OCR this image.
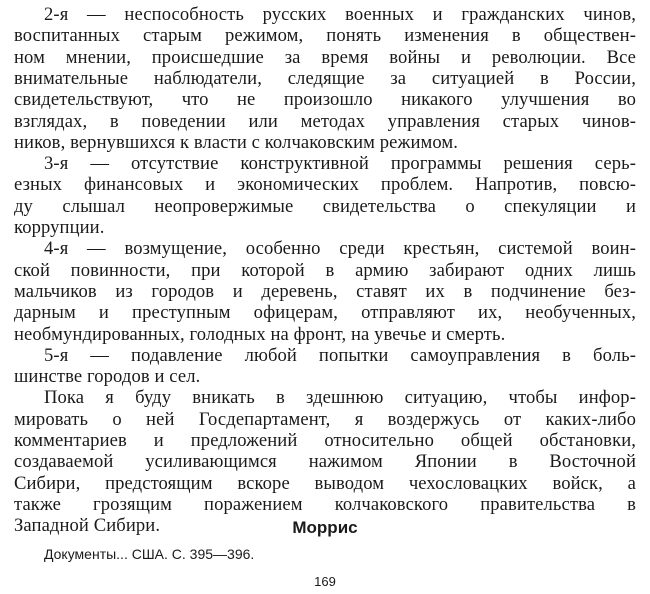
2-я — неспособность русских военных и гражданских чинов,
воспитанных старым режимом, понять изменения в обществен-
ном мнении, происшедшие за время войны и революции. Все
внимательные наблюдатели, следящие за ситуацией в России,
свидетельствуют, что не произошло никакого улучшения во
взглядах, в поведении или методах управления старых чинов-
ников, вернувшихся к власти с колчаковским режимом.
3-я — отсутствие конструктивной программы решения серь-
езных финансовых и экономических проблем. Напротив, повсю-
ду слышал неопровержимые свидетельства о спекуляции и
коррупции.
4-я — возмущение, особенно среди крестьян, системой воин-
ской повинности, при которой в армию забирают одних лишь
мальчиков из городов и деревень, ставят их в подчинение без-
дарным и преступным офицерам, отправляют их, необученных,
необмундированных, голодных на фронт, на увечье и смерть.
5-я — подавление любой попытки самоуправления в боль-
шинстве городов и сел.
Пока я буду вникать в здешнюю ситуацию, чтобы инфор-
мировать о ней Госдепартамент, я воздержусь от каких-либо
комментариев и предложений относительно общей обстановки,
создаваемой усиливающимся нажимом Японии в Восточной
Сибири, предстоящим вскоре выводом чехословацких войск, а
также грозящим поражением колчаковского правительства в
Западной Сибири.	Моррис
Документы... США. С. 395—396.
169
